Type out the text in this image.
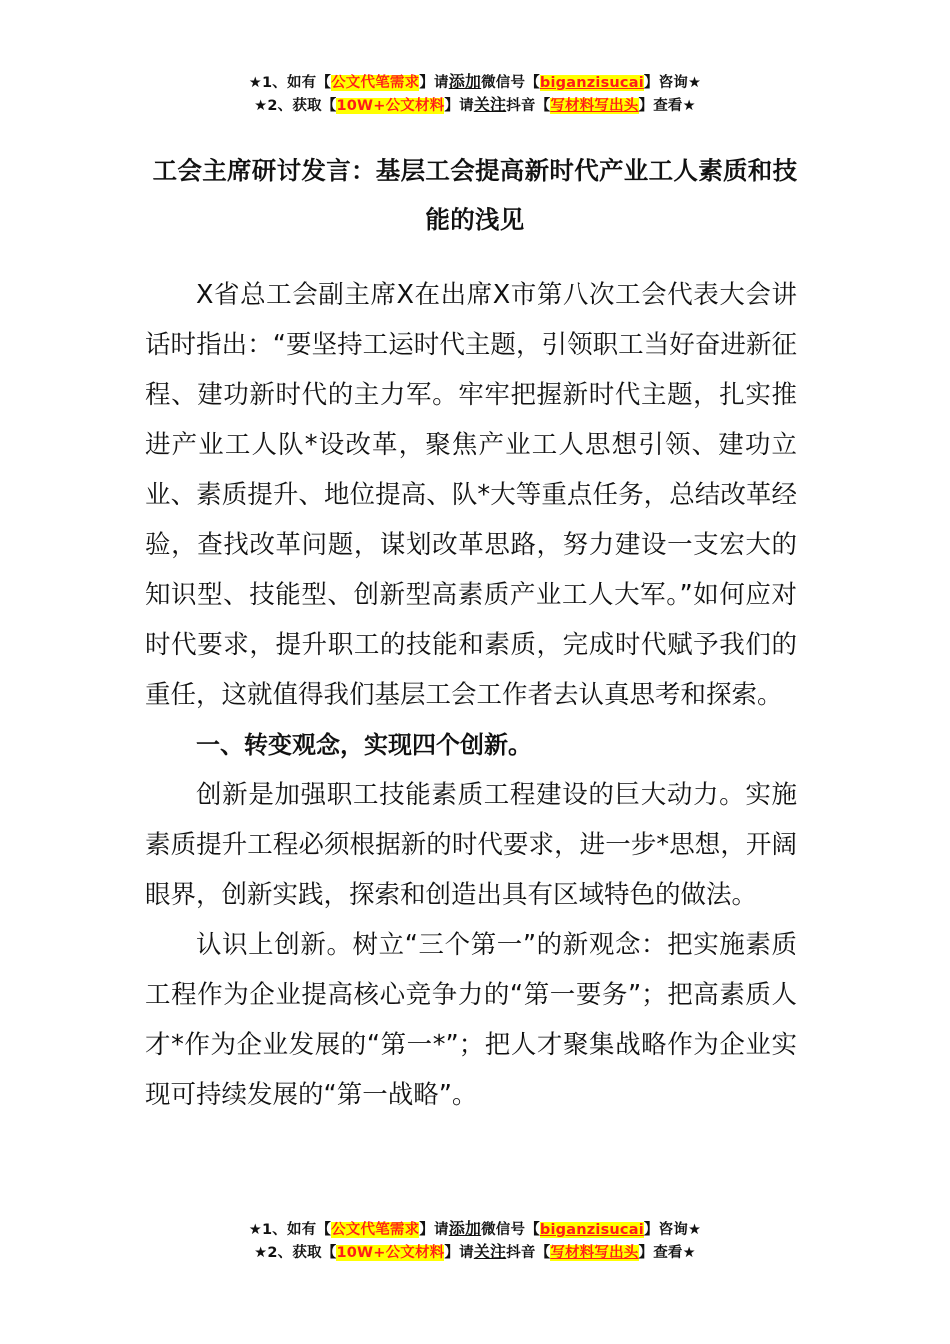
★1、如有【公文代笔需求】请添加微信号【biganzisucai】咨询★
★2、获取【10W+公文材料】请关注抖音【写材料写出头】查看★
工会主席研讨发言：基层工会提高新时代产业工人素质和技能的浅见

X省总工会副主席X在出席X市第八次工会代表大会讲话时指出：“要坚持工运时代主题，引领职工当好奋进新征程、建功新时代的主力军。牢牢把握新时代主题，扎实推进产业工人队*设改革，聚焦产业工人思想引领、建功立业、素质提升、地位提高、队*大等重点任务，总结改革经验，查找改革问题，谋划改革思路，努力建设一支宏大的知识型、技能型、创新型高素质产业工人大军。”如何应对时代要求，提升职工的技能和素质，完成时代赋予我们的重任，这就值得我们基层工会工作者去认真思考和探索。

一、转变观念，实现四个创新。

创新是加强职工技能素质工程建设的巨大动力。实施素质提升工程必须根据新的时代要求，进一步*思想，开阔眼界，创新实践，探索和创造出具有区域特色的做法。

认识上创新。树立“三个第一”的新观念：把实施素质工程作为企业提高核心竞争力的“第一要务”；把高素质人才*作为企业发展的“第一*”；把人才聚集战略作为企业实现可持续发展的“第一战略”。

★1、如有【公文代笔需求】请添加微信号【biganzisucai】咨询★
★2、获取【10W+公文材料】请关注抖音【写材料写出头】查看★
